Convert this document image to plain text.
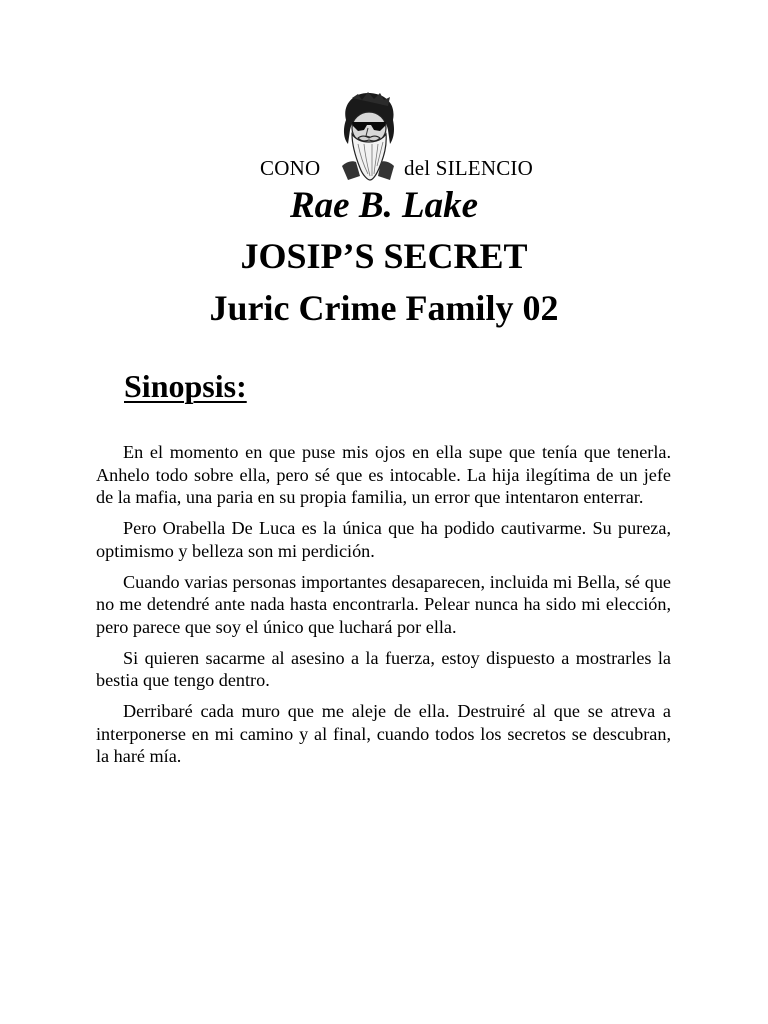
CONO	del SILENCIO
Rae B. Lake
JOSIP’S SECRET
Juric Crime Family 02
Sinopsis:

En el momento en que puse mis ojos en ella supe que tenía que tenerla. Anhelo todo sobre ella, pero sé que es intocable. La hija ilegítima de un jefe de la mafia, una paria en su propia familia, un error que intentaron enterrar.

Pero Orabella De Luca es la única que ha podido cautivarme. Su pureza, optimismo y belleza son mi perdición.

Cuando varias personas importantes desaparecen, incluida mi Bella, sé que no me detendré ante nada hasta encontrarla. Pelear nunca ha sido mi elección, pero parece que soy el único que luchará por ella.

Si quieren sacarme al asesino a la fuerza, estoy dispuesto a mostrarles la bestia que tengo dentro.

Derribaré cada muro que me aleje de ella. Destruiré al que se atreva a interponerse en mi camino y al final, cuando todos los secretos se descubran, la haré mía.
